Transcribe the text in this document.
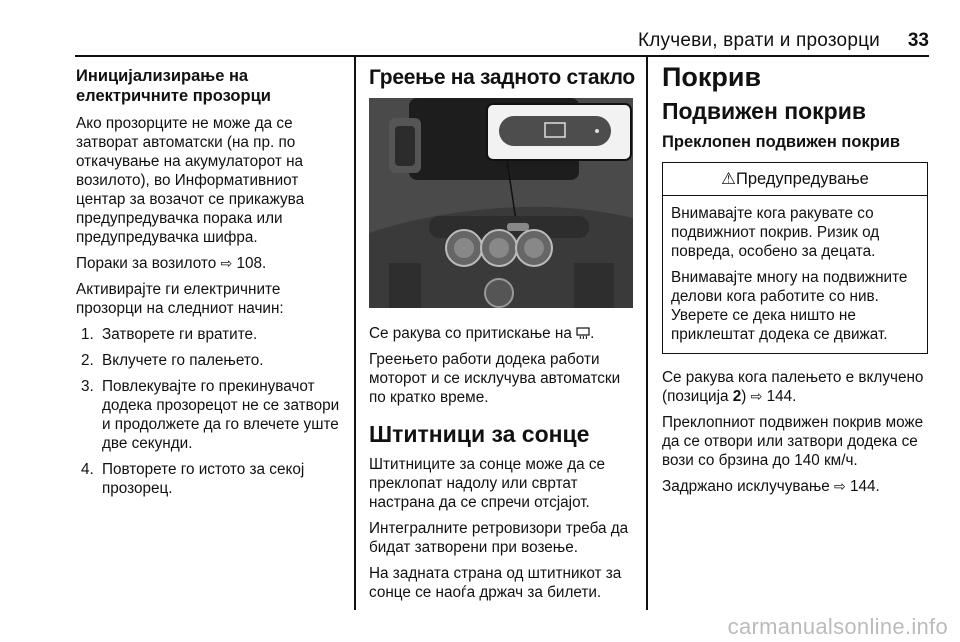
Клучеви, врати и прозорци 33
Иницијализирање на електричните прозорци

Ако прозорците не може да се затворат автоматски (на пр. по откачување на акумулаторот на возилото), во Информативниот центар за возачот се прикажува предупредувачка порака или предупредувачка шифра.

Пораки за возилото ⇨ 108.

Активирајте ги електричните прозорци на следниот начин:

1. Затворете ги вратите.
2. Вклучете го палењето.
3. Повлекувајте го прекинувачот додека прозорецот не се затвори и продолжете да го влечете уште две секунди.
4. Повторете го истото за секој прозорец.
Греење на задното стакло

Се ракува со притискање на .

Греењето работи додека работи моторот и се исклучува автоматски по кратко време.

Штитници за сонце

Штитниците за сонце може да се преклопат надолу или свртат настрана да се спречи отсјајот.

Интегралните ретровизори треба да бидат затворени при возење.

На задната страна од штитникот за сонце се наоѓа држач за билети.

Покрив
Подвижен покрив
Преклопен подвижен покрив
⚠Предупредување

Внимавајте кога ракувате со подвижниот покрив. Ризик од повреда, особено за децата.

Внимавајте многу на подвижните делови кога работите со нив. Уверете се дека ништо не приклештат додека се движат.

Се ракува кога палењето е вклучено (позиција 2) ⇨ 144.

Преклопниот подвижен покрив може да се отвори или затвори додека се вози со брзина до 140 км/ч.

Задржано исклучување ⇨ 144.

carmanualsonline.info
